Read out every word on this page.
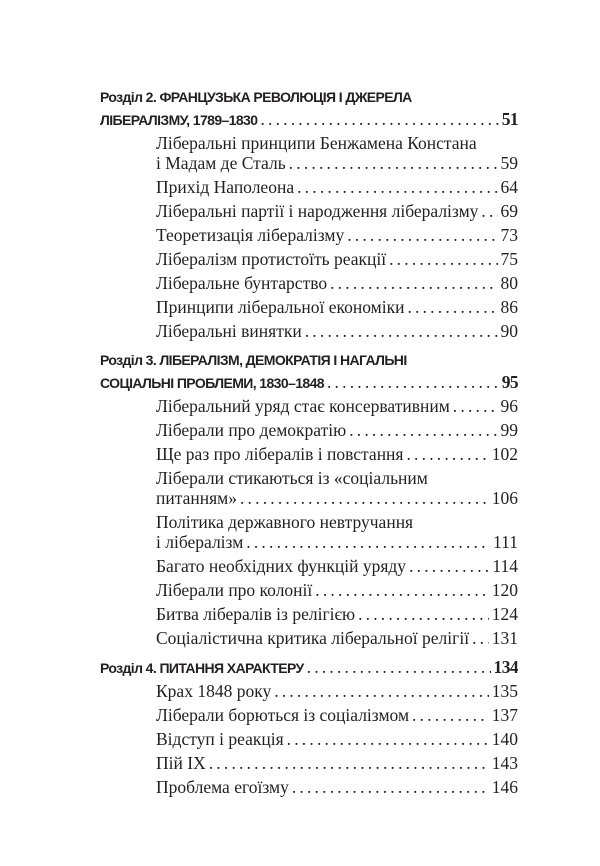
Розділ 2. ФРАНЦУЗЬКА РЕВОЛЮЦІЯ І ДЖЕРЕЛА
ЛІБЕРАЛІЗМУ, 1789–1830 .....	51
Ліберальні принципи Бенжамена Констана
і Мадам де Сталь .....	59
Прихід Наполеона .....	64
Ліберальні партії і народження лібералізму ..... 69
Теоретизація лібералізму .....	73
Лібералізм протистоїть реакції .....	75
Ліберальне бунтарство .....	80
Принципи ліберальної економіки .....	86
Ліберальні винятки .....	90
Розділ 3. ЛІБЕРАЛІЗМ, ДЕМОКРАТІЯ І НАГАЛЬНІ
СОЦІАЛЬНІ ПРОБЛЕМИ, 1830–1848 .....	95
Ліберальний уряд стає консервативним .....	96
Ліберали про демократію .....	99
Ще раз про лібералів і повстання .....	102
Ліберали стикаються із «соціальним
питанням» .....	106
Політика державного невтручання
і лібералізм .....	111
Багато необхідних функцій уряду .....	114
Ліберали про колонії .....	120
Битва лібералів із релігією .....	124
Соціалістична критика ліберальної релігії ..... 131
Розділ 4. ПИТАННЯ ХАРАКТЕРУ .....	134
Крах 1848 року .....	135
Ліберали борються із соціалізмом .....	137
Відступ і реакція .....	140
Пій IX .....	143
Проблема егоїзму .....	146
